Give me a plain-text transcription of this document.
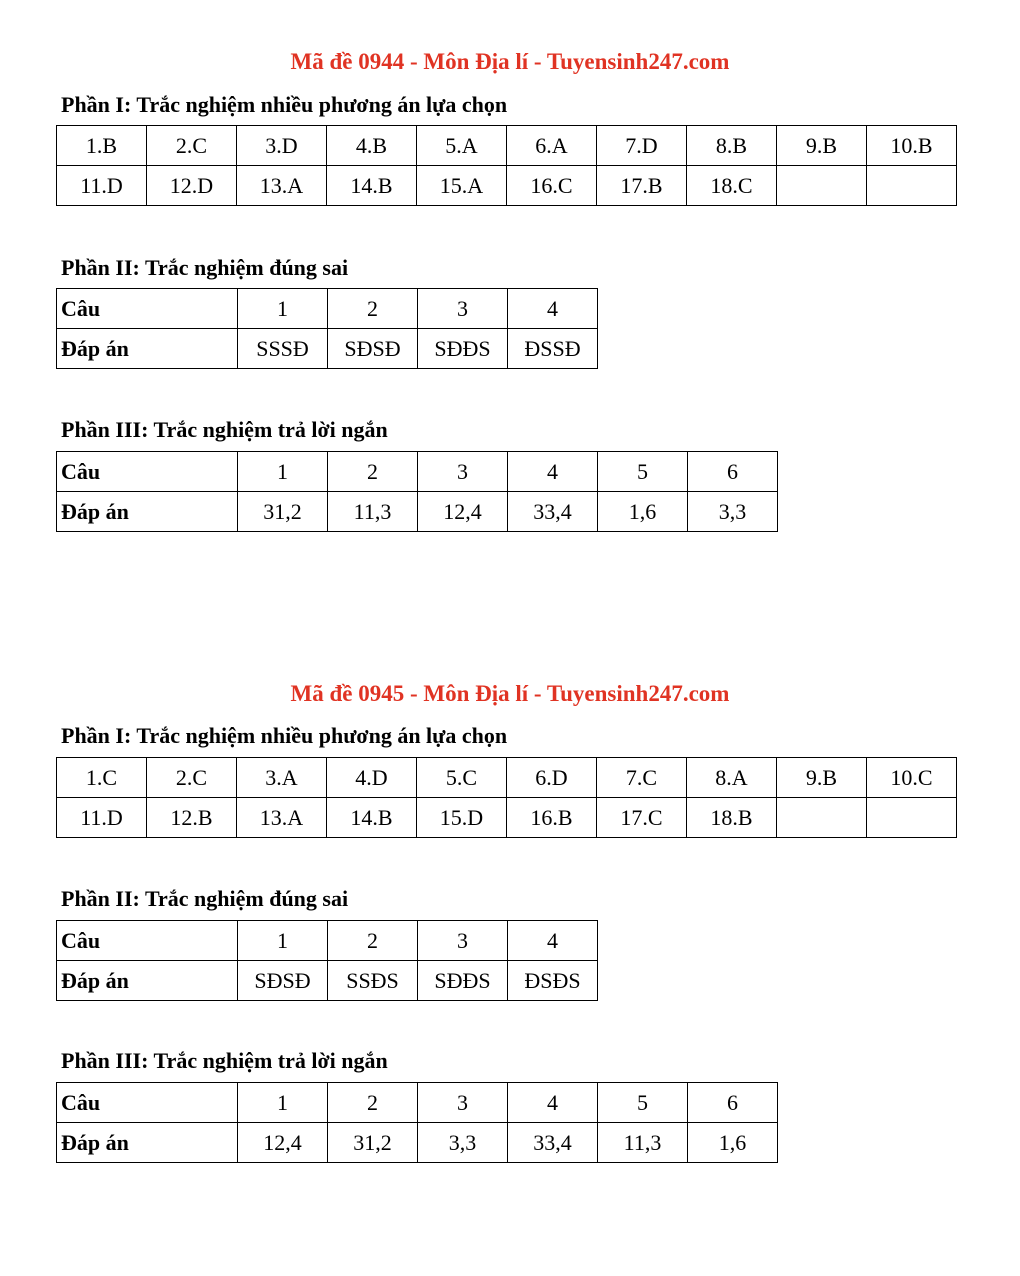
Mã đề 0944 - Môn Địa lí - Tuyensinh247.com
Phần I: Trắc nghiệm nhiều phương án lựa chọn
1.B	2.C	3.D	4.B	5.A	6.A	7.D	8.B	9.B	10.B
11.D	12.D	13.A	14.B	15.A	16.C	17.B	18.C		
Phần II: Trắc nghiệm đúng sai
Câu	1	2	3	4
Đáp án	SSSĐ	SĐSĐ	SĐĐS	ĐSSĐ
Phần III: Trắc nghiệm trả lời ngắn
Câu	1	2	3	4	5	6
Đáp án	31,2	11,3	12,4	33,4	1,6	3,3
Mã đề 0945 - Môn Địa lí - Tuyensinh247.com
Phần I: Trắc nghiệm nhiều phương án lựa chọn
1.C	2.C	3.A	4.D	5.C	6.D	7.C	8.A	9.B	10.C
11.D	12.B	13.A	14.B	15.D	16.B	17.C	18.B		
Phần II: Trắc nghiệm đúng sai
Câu	1	2	3	4
Đáp án	SĐSĐ	SSĐS	SĐĐS	ĐSĐS
Phần III: Trắc nghiệm trả lời ngắn
Câu	1	2	3	4	5	6
Đáp án	12,4	31,2	3,3	33,4	11,3	1,6
